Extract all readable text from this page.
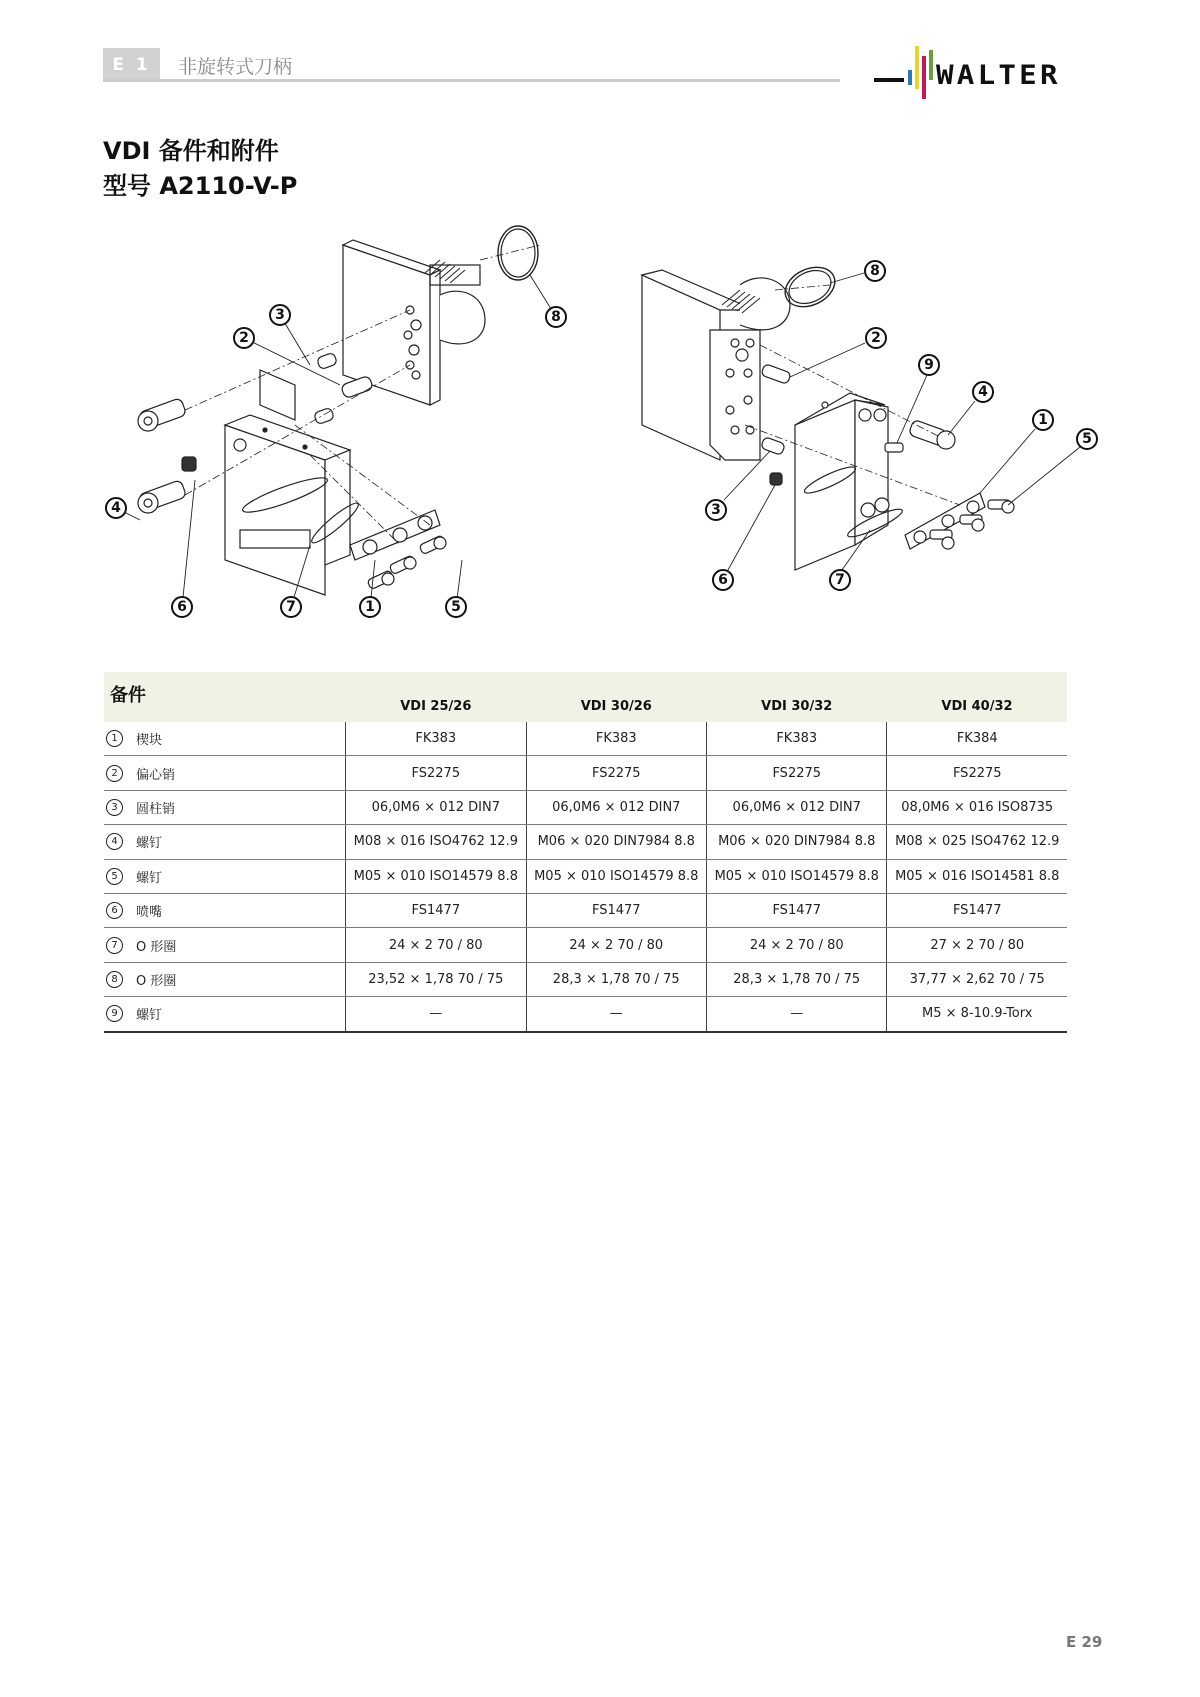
E 1	非旋转式刀柄	WALTER
VDI 备件和附件
型号 A2110-V-P
3
2
8
4
6	7	1	5
8
2
9
4
1
5
3
6	7
备件	VDI 25/26	VDI 30/26	VDI 30/32	VDI 40/32
1 楔块	FK383	FK383	FK383	FK384
2 偏心销	FS2275	FS2275	FS2275	FS2275
3 圆柱销	06,0M6 × 012 DIN7	06,0M6 × 012 DIN7	06,0M6 × 012 DIN7	08,0M6 × 016 ISO8735
4 螺钉	M08 × 016 ISO4762 12.9	M06 × 020 DIN7984 8.8	M06 × 020 DIN7984 8.8	M08 × 025 ISO4762 12.9
5 螺钉	M05 × 010 ISO14579 8.8	M05 × 010 ISO14579 8.8	M05 × 010 ISO14579 8.8	M05 × 016 ISO14581 8.8
6 喷嘴	FS1477	FS1477	FS1477	FS1477
7 O 形圈	24 × 2 70 / 80	24 × 2 70 / 80	24 × 2 70 / 80	27 × 2 70 / 80
8 O 形圈	23,52 × 1,78 70 / 75	28,3 × 1,78 70 / 75	28,3 × 1,78 70 / 75	37,77 × 2,62 70 / 75
9 螺钉	—	—	—	M5 × 8-10.9-Torx
E 29
